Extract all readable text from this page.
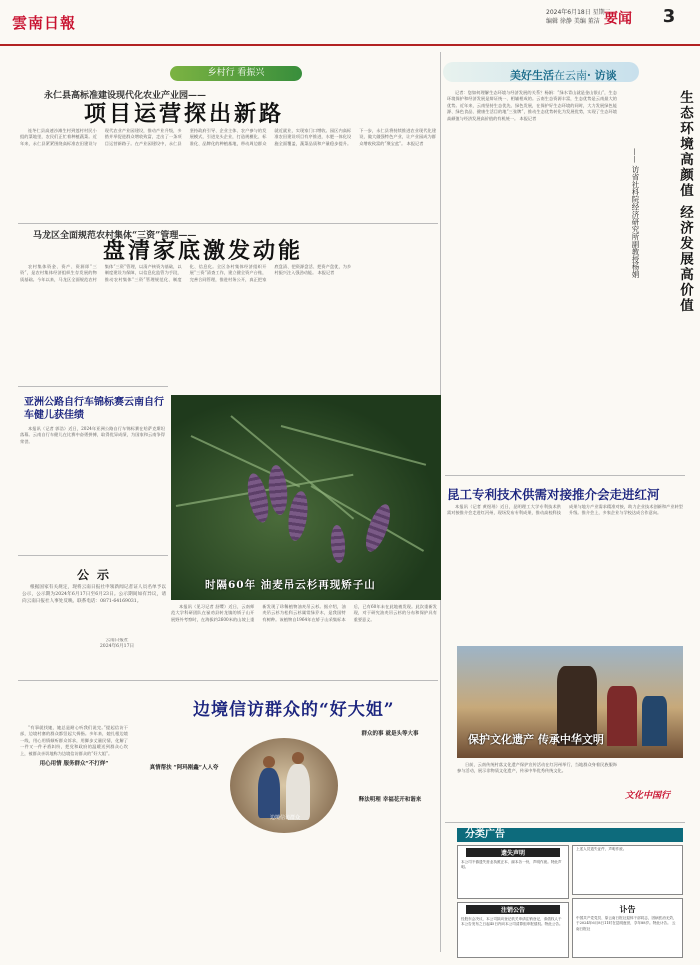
雲南日報
2024年6月18日 星期二
编辑 徐静 美编 董洁 要闻	3
乡村行 看振兴
永仁县高标准建设现代化农业产业园——
项目运营探出新路

连冬仁县高速沙滩生村到莲村村民小组的菜地里，农民们正忙着种植蔬菜。近年来，永仁县紧紧围绕高标准农田建设与现代农业产业园建设，推动产业升级，多措并举促进群众增收致富，走出了一条项目运营新路子。在产业园建设中，永仁县坚持政府引导、企业主体、农户参与的发展模式，引进龙头企业，打造规模化、标准化、品牌化的种植基地，带动周边群众就近就业，实现家门口增收。园区内高标准农田建设项目有序推进，水肥一体化设施全面覆盖，蔬菜品质和产量稳步提升。下一步，永仁县将持续推进农业现代化建设，做大做强特色产业，让产业园成为群众增收致富的“聚宝盆”。 本报记者

马龙区全面规范农村集体“三资”管理——
盘清家底激发动能

农村集体资金、资产、资源即“三资”，是农村集体经济组织生存发展的物质基础。今年以来，马龙区全面规范农村集体“三资”管理，以清产核资为基础，以制度建设为保障，以信息化监管为手段，推动农村集体“三资”管理规范化、制度化、信息化。全区各村集体经济组织开展“三资”清查工作，建立健全资产台账，完善合同管理，推进村务公开，真正把家底盘清、把资源盘活、把资产盘优，为乡村振兴注入强劲动能。 本报记者

亚洲公路自行车锦标赛云南自行车健儿获佳绩

本报讯（记者 郭浩）近日，2024年亚洲公路自行车锦标赛在哈萨克斯坦落幕。云南自行车健儿在比赛中奋勇拼搏，取得优异成绩，为国家和云南争得荣誉。

时隔60年 油麦吊云杉再现矫子山

本报讯（见习记者 舒缨）近日，云南师范大学科研团队在禄劝县转龙镇的矫子山开展野外考察时，在海拔约2600米的山坡上重新发现了珍稀植物油麦吊云杉。据介绍，油麦吊云杉为松科云杉属常绿乔木，是我国特有树种。该植物自1964年在矫子山采集标本后，已有60年未在此地被发现。此次重新发现，对于研究油麦吊云杉的分布和保护具有重要意义。

公示

根据国家有关规定，现将云南日报社申领新闻记者证人员名单予以公示，公示期为2024年6月17日至6月23日。公示期间如有异议，请向云南日报社人事处反映。联系电话：0871-64169031。

云南日报社
2024年6月17日
边境信访群众的“好大姐”

“有事就找她，她总是耐心听我们说完。”提起信访干部，边境村寨的群众都竖起大拇指。多年来，她扎根边境一线，用心用情倾听群众诉求，用脚步丈量民情，化解了一件又一件矛盾纠纷，把党和政府的温暖送到群众心坎上，被群众亲切地称为边境信访群众的“好大姐”。

用心用情 服务群众“不打烊”
真情帮扶 “阿玛刚鑫”人人夸
边境信访群众
群众的事 就是头等大事
释法明理 幸福花开和谐来
美好生活在云南· 访谈
生态环境高颜值 经济发展高价值
—— 访省社科院经济研究所副教授杨娟

记者：您如何理解生态环境与经济发展的关系？杨娟：“绿水青山就是金山银山”，生态环境保护和经济发展是辩证统一、相辅相成的。云南生态资源丰富，生态优势是云南最大的优势。近年来，云南坚持生态优先、绿色发展，在保护好生态环境的同时，大力发展绿色能源、绿色食品、健康生活目的地“三张牌”，推动生态优势转化为发展优势，实现了生态环境高颜值与经济发展高价值的有机统一。 本报记者

昆工专利技术供需对接推介会走进红河

本报讯（记者 黄煜瑶）近日，昆明理工大学专利技术供需对接推介会走进红河州，现场发布专利成果，推动高校科技成果与地方产业需求精准对接，助力企业技术创新和产业转型升级。推介会上，多家企业与学校达成合作意向。

保护文化遗产 传承中华文明

日前，云南传统村落文化遗产保护宣传活动在红河州举行，当地群众身着民族服饰参与活动，展示非物质文化遗产，传承中华优秀传统文化。

文化中国行
分类广告
遗失声明
本公司不慎遗失营业执照正本、副本各一份，声明作废。特此声明。
注销公告
经股东会决议，本公司拟向登记机关申请注销登记，请债权人于本公告发布之日起45日内向本公司清算组申报债权。特此公告。
上述人员遗失证件，声明作废。
讣告
中国共产党党员、原云南日报社退休干部同志，因病医治无效，于2024年6月8日11时在昆明逝世，享年88岁。特此讣告。 云南日报社
